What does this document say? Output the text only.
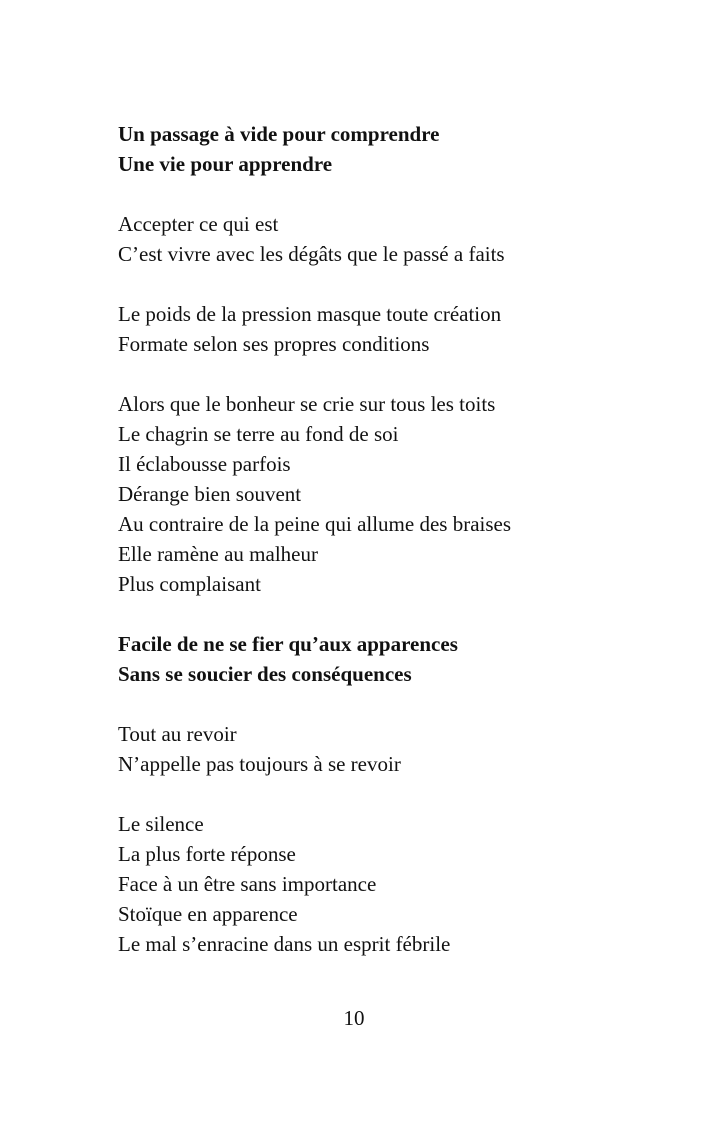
Un passage à vide pour comprendre
Une vie pour apprendre
Accepter ce qui est
C’est vivre avec les dégâts que le passé a faits
Le poids de la pression masque toute création
Formate selon ses propres conditions
Alors que le bonheur se crie sur tous les toits
Le chagrin se terre au fond de soi
Il éclabousse parfois
Dérange bien souvent
Au contraire de la peine qui allume des braises
Elle ramène au malheur
Plus complaisant
Facile de ne se fier qu’aux apparences
Sans se soucier des conséquences
Tout au revoir
N’appelle pas toujours à se revoir
Le silence
La plus forte réponse
Face à un être sans importance
Stoïque en apparence
Le mal s’enracine dans un esprit fébrile
10
